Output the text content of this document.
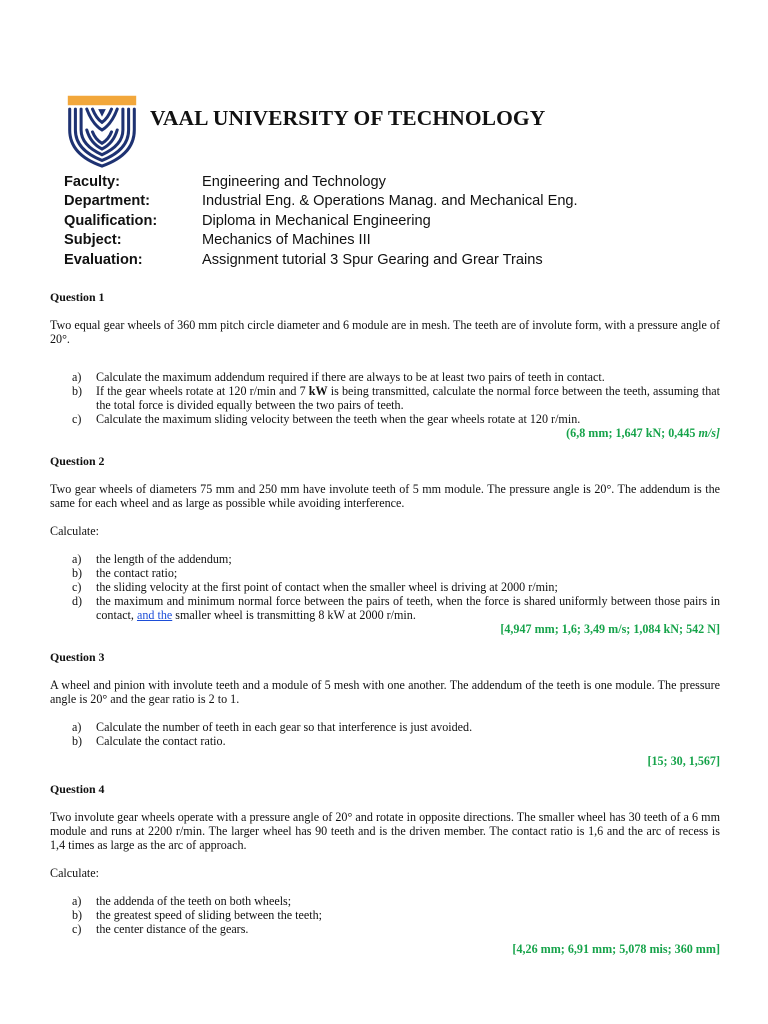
VAAL UNIVERSITY OF TECHNOLOGY
Faculty:	Engineering and Technology
Department:	Industrial Eng. & Operations Manag. and Mechanical Eng.
Qualification:	Diploma in Mechanical Engineering
Subject:	Mechanics of Machines III
Evaluation:	Assignment tutorial 3 Spur Gearing and Grear Trains

Question 1

Two equal gear wheels of 360 mm pitch circle diameter and 6 module are in mesh. The teeth are of involute form, with a pressure angle of 20°.

a) Calculate the maximum addendum required if there are always to be at least two pairs of teeth in contact.
b) If the gear wheels rotate at 120 r/min and 7 kW is being transmitted, calculate the normal force between the teeth, assuming that the total force is divided equally between the two pairs of teeth.
c) Calculate the maximum sliding velocity between the teeth when the gear wheels rotate at 120 r/min.

(6,8 mm; 1,647 kN; 0,445 m/s]

Question 2

Two gear wheels of diameters 75 mm and 250 mm have involute teeth of 5 mm module. The pressure angle is 20°. The addendum is the same for each wheel and as large as possible while avoiding interference.

Calculate:

a) the length of the addendum;
b) the contact ratio;
c) the sliding velocity at the first point of contact when the smaller wheel is driving at 2000 r/min;
d) the maximum and minimum normal force between the pairs of teeth, when the force is shared uniformly between those pairs in contact, and the smaller wheel is transmitting 8 kW at 2000 r/min.

[4,947 mm; 1,6; 3,49 m/s; 1,084 kN; 542 N]

Question 3

A wheel and pinion with involute teeth and a module of 5 mesh with one another. The addendum of the teeth is one module. The pressure angle is 20° and the gear ratio is 2 to 1.

a) Calculate the number of teeth in each gear so that interference is just avoided.
b) Calculate the contact ratio.

[15; 30, 1,567]

Question 4

Two involute gear wheels operate with a pressure angle of 20° and rotate in opposite directions. The smaller wheel has 30 teeth of a 6 mm module and runs at 2200 r/min. The larger wheel has 90 teeth and is the driven member. The contact ratio is 1,6 and the arc of recess is 1,4 times as large as the arc of approach.

Calculate:

a) the addenda of the teeth on both wheels;
b) the greatest speed of sliding between the teeth;
c) the center distance of the gears.

[4,26 mm; 6,91 mm; 5,078 mis; 360 mm]
